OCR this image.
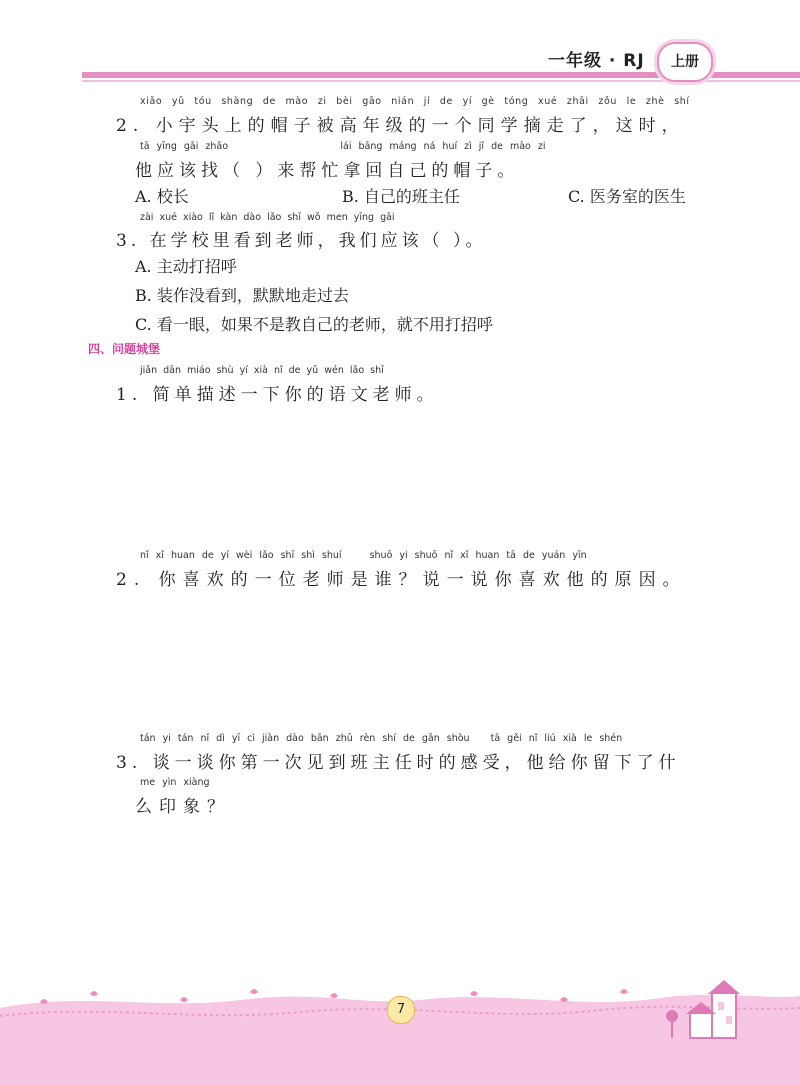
一年级 · RJ	上册
xiǎo yǔ tóu shàng de mào zi bèi gāo nián jí de yí gè tóng xué zhāi zǒu le zhè shí
2. 小宇头上的帽子被高年级的一个同学摘走了，这时，
tā yīng gāi zhǎo                lái bāng máng ná huí zì jǐ de mào zi
他应该找（ ）来帮忙拿回自己的帽子。
A. 校长	B. 自己的班主任	C. 医务室的医生
zài xué xiào lǐ kàn dào lǎo shī wǒ men yīng gāi
3. 在学校里看到老师，我们应该（ ）。
A. 主动打招呼
B. 装作没看到，默默地走过去
C. 看一眼，如果不是教自己的老师，就不用打招呼
四、问题城堡
jiǎn dān miáo shù yí xià nǐ de yǔ wén lǎo shī
1. 简单描述一下你的语文老师。
nǐ xǐ huan de yí wèi lǎo shī shì shuí    shuō yi shuō nǐ xǐ huan tā de yuán yīn
2. 你喜欢的一位老师是谁？说一说你喜欢他的原因。
tán yi tán nǐ dì yī cì jiàn dào bān zhǔ rèn shí de gǎn shòu   tā gěi nǐ liú xià le shén
3. 谈一谈你第一次见到班主任时的感受，他给你留下了什
me yìn xiàng
么印象？
7
